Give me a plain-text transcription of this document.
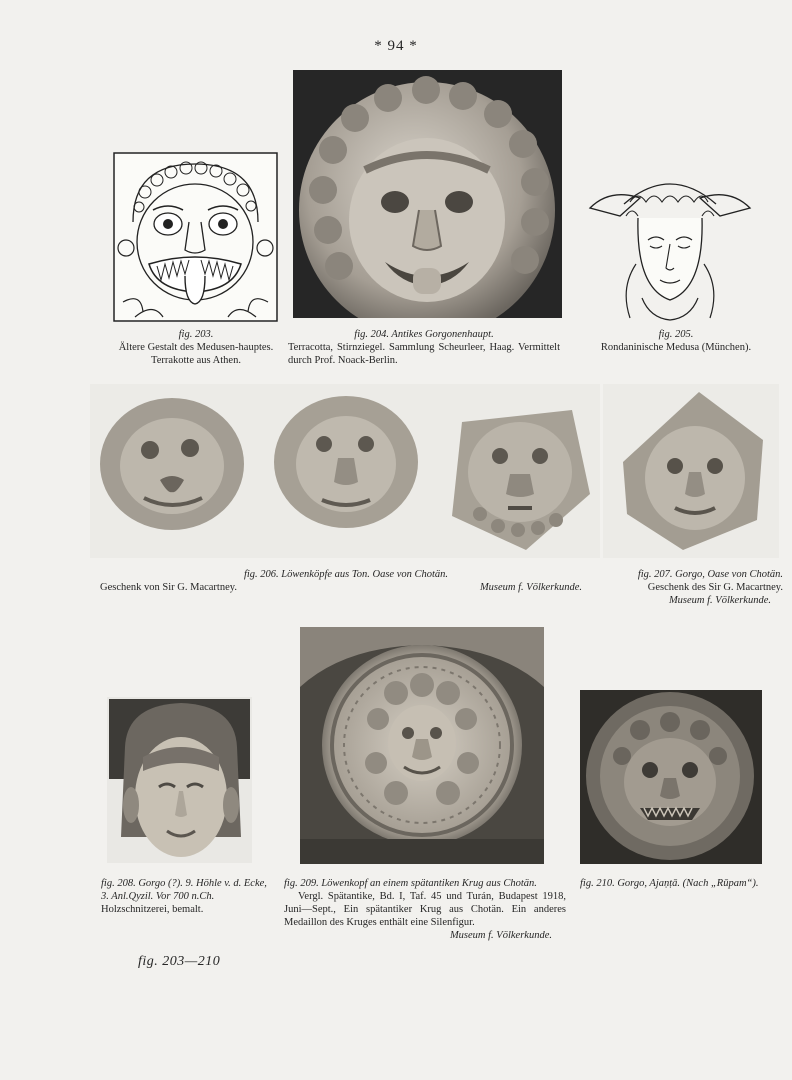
* 94 *
fig. 203.
Ältere Gestalt des Medusen-hauptes. Terrakotte aus Athen.
fig. 204. Antikes Gorgonenhaupt.
Terracotta, Stirnziegel. Sammlung Scheurleer, Haag. Vermittelt durch Prof. Noack-Berlin.
fig. 205.
Rondaninische Medusa (München).
fig. 206. Löwenköpfe aus Ton. Oase von Chotän.
Geschenk von Sir G. Macartney.	Museum f. Völkerkunde.
fig. 207. Gorgo, Oase von Chotän.
Geschenk des Sir G. Macartney.
Museum f. Völkerkunde.
fig. 208. Gorgo (?). 9. Höhle v. d. Ecke, 3. Anl.Qyzil. Vor 700 n.Ch.
Holzschnitzerei, bemalt.
fig. 209. Löwenkopf an einem spätantiken Krug aus Chotän.
Vergl. Spätantike, Bd. I, Taf. 45 und Turán, Budapest 1918, Juni—Sept., Ein spätantiker Krug aus Chotän. Ein anderes Medaillon des Kruges enthält eine Silenfigur.
Museum f. Völkerkunde.
fig. 210. Gorgo, Ajaṇṭā. (Nach „Rūpam“).
fig. 203—210
